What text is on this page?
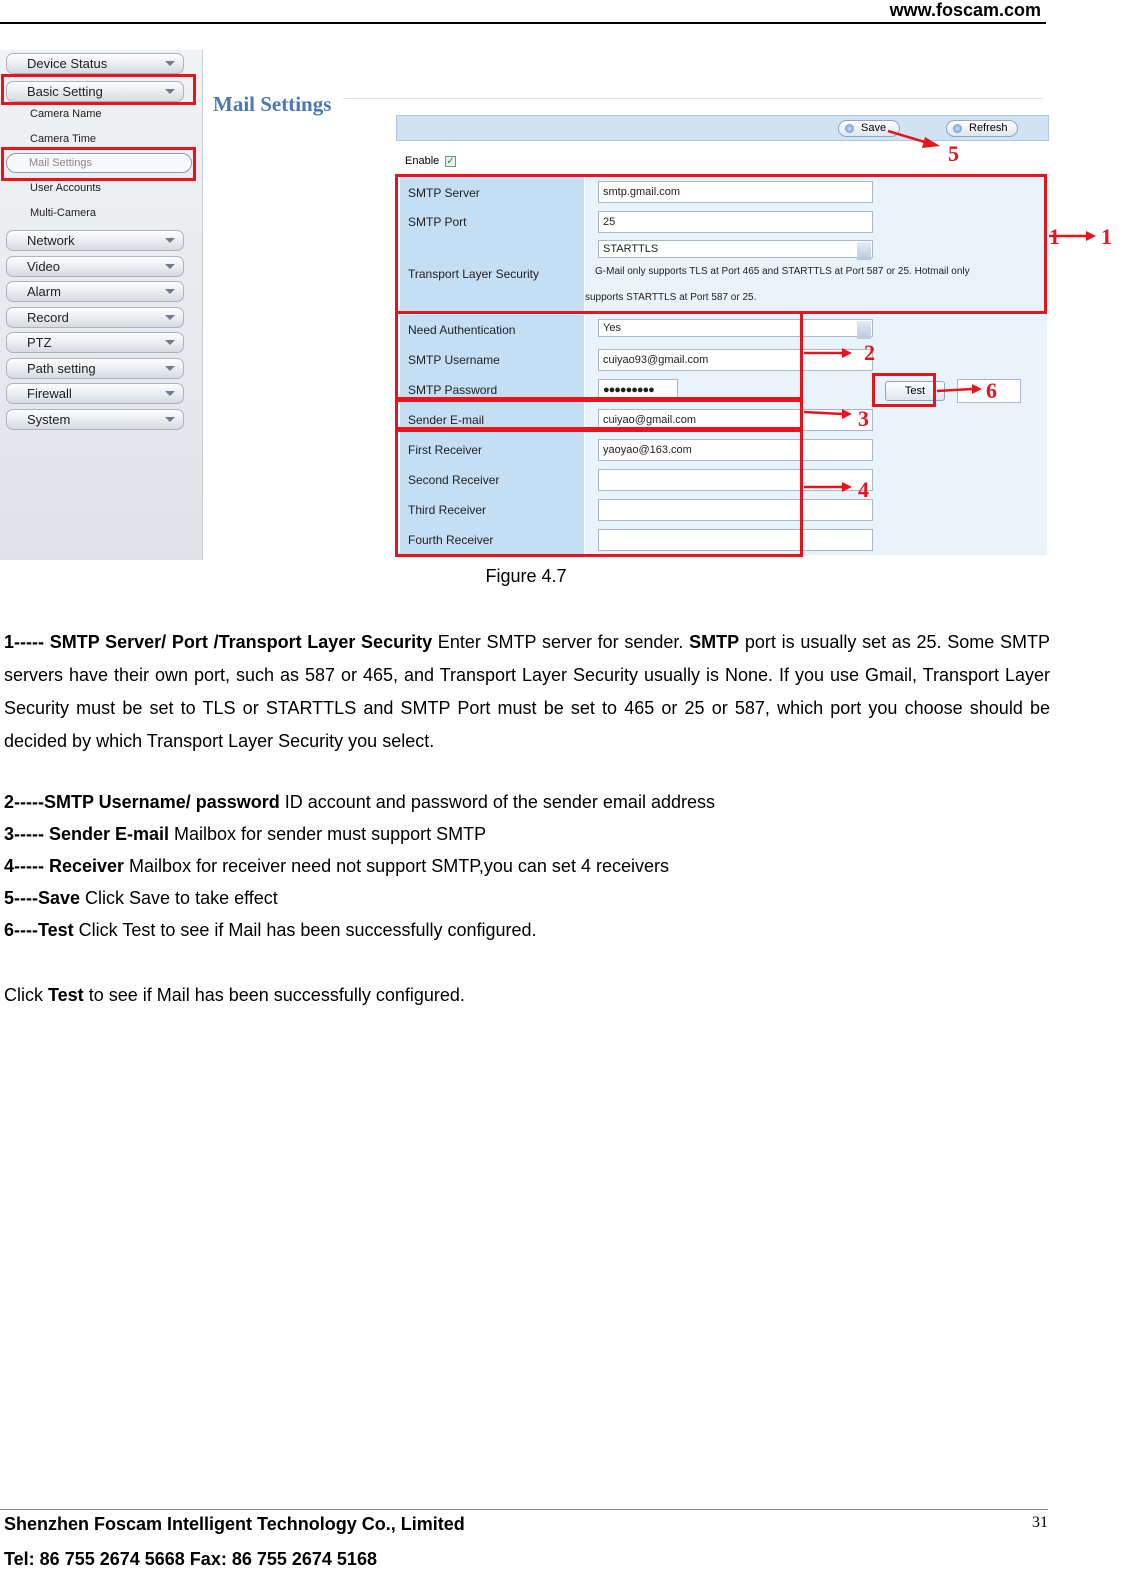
www.foscam.com
Device Status
Basic Setting
Camera Name
Camera Time
Mail Settings
User Accounts
Multi-Camera
Network
Video
Alarm
Record
PTZ
Path setting
Firewall
System
Mail Settings
Save	Refresh
Enable ✓
SMTP Server	smtp.gmail.com
SMTP Port	25
Transport Layer Security
STARTTLS
G-Mail only supports TLS at Port 465 and STARTTLS at Port 587 or 25. Hotmail only
supports STARTTLS at Port 587 or 25.
Need Authentication	Yes
SMTP Username	cuiyao93@gmail.com
SMTP Password	●●●●●●●●●
Sender E-mail	cuiyao@gmail.com
First Receiver	yaoyao@163.com
Second Receiver
Third Receiver
Fourth Receiver
Test
1
2
3
4
5
6
1
Figure 4.7
1----- SMTP Server/ Port /Transport Layer Security Enter SMTP server for sender. SMTP port is usually set as 25. Some SMTP servers have their own port, such as 587 or 465, and Transport Layer Security usually is None. If you use Gmail, Transport Layer Security must be set to TLS or STARTTLS and SMTP Port must be set to 465 or 25 or 587, which port you choose should be decided by which Transport Layer Security you select.
2-----SMTP Username/ password ID account and password of the sender email address
3----- Sender E-mail Mailbox for sender must support SMTP
4----- Receiver Mailbox for receiver need not support SMTP,you can set 4 receivers
5----Save Click Save to take effect
6----Test Click Test to see if Mail has been successfully configured.
Click Test to see if Mail has been successfully configured.
Shenzhen Foscam Intelligent Technology Co., Limited
Tel: 86 755 2674 5668 Fax: 86 755 2674 5168
31
